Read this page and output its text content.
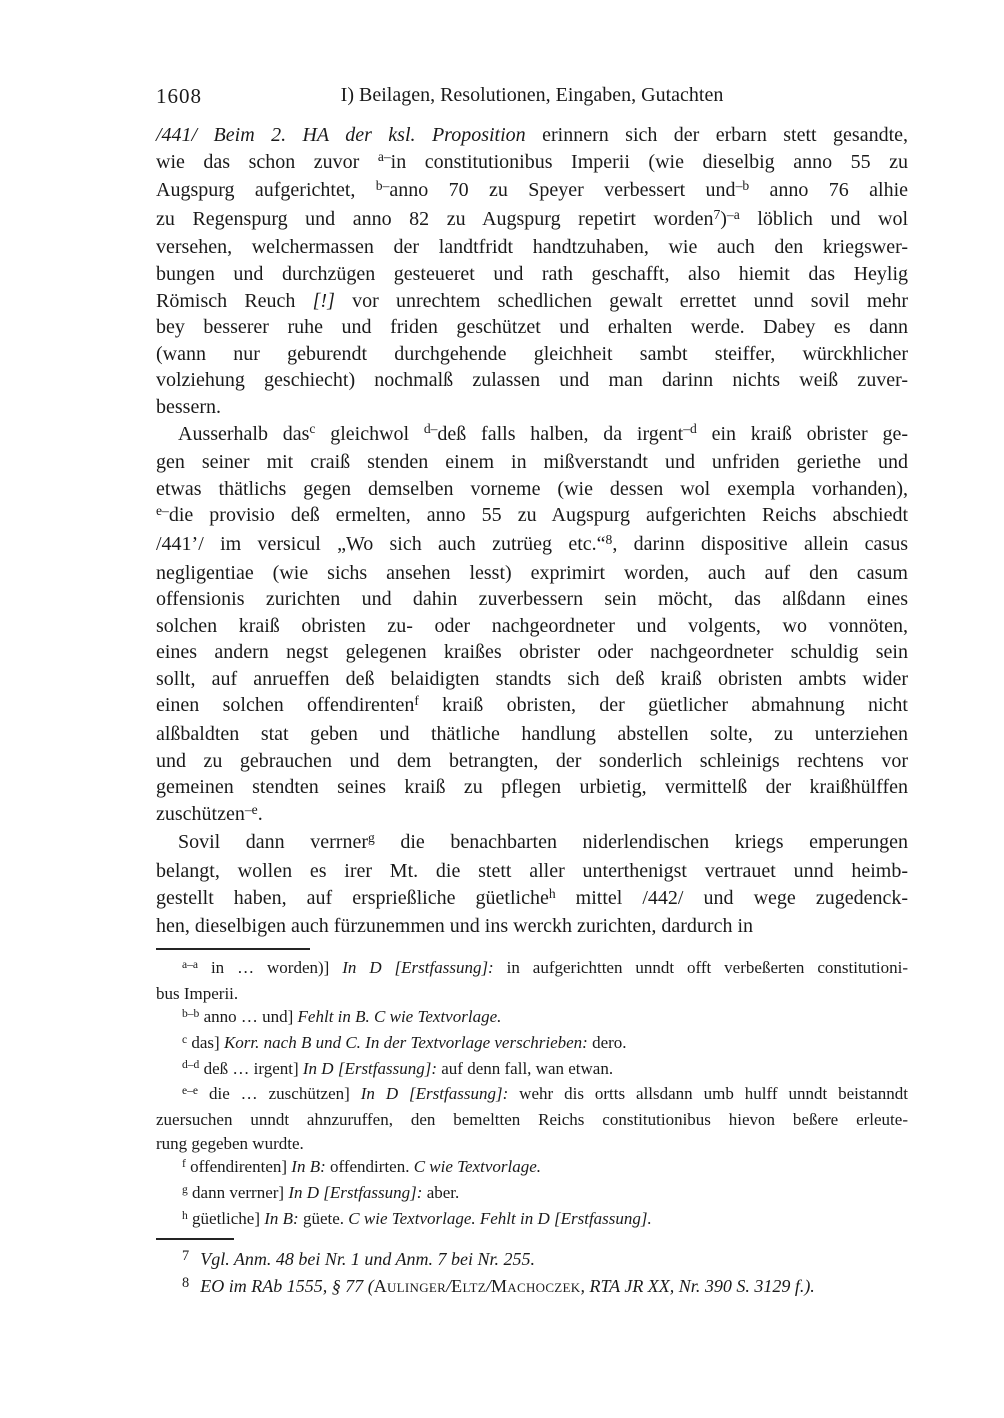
1608	I) Beilagen, Resolutionen, Eingaben, Gutachten
/441/ Beim 2. HA der ksl. Proposition erinnern sich der erbarn stett gesandte,
wie das schon zuvor $^{a-}$in constitutionibus Imperii (wie dieselbig anno 55 zu
Augspurg aufgerichtet, $^{b-}$anno 70 zu Speyer verbessert und$^{-b}$ anno 76 alhie
zu Regenspurg und anno 82 zu Augspurg repetirt worden$^7$)$^{-a}$ löblich und wol
versehen, welchermassen der landtfridt handtzuhaben, wie auch den kriegswer-
bungen und durchzügen gesteueret und rath geschafft, also hiemit das Heylig
Römisch Reuch [!] vor unrechtem schedlichen gewalt errettet unnd sovil mehr
bey besserer ruhe und friden geschützet und erhalten werde. Dabey es dann
(wann nur geburendt durchgehende gleichheit sambt steiffer, würckhlicher
volziehung geschiecht) nochmalß zulassen und man darinn nichts weiß zuver-
bessern.
Ausserhalb das$^c$ gleichwol $^{d-}$deß falls halben, da irgent$^{-d}$ ein kraiß obrister ge-
gen seiner mit craiß stenden einem in mißverstandt und unfriden geriethe und
etwas thätlichs gegen demselben vorneme (wie dessen wol exempla vorhanden),
$^{e-}$die provisio deß ermelten, anno 55 zu Augspurg aufgerichten Reichs abschiedt
/441’/ im versicul „Wo sich auch zutrüeg etc.“$^8$, darinn dispositive allein casus
negligentiae (wie sichs ansehen lesst) exprimirt worden, auch auf den casum
offensionis zurichten und dahin zuverbessern sein möcht, das alßdann eines
solchen kraiß obristen zu- oder nachgeordneter und volgents, wo vonnöten,
eines andern negst gelegenen kraißes obrister oder nachgeordneter schuldig sein
sollt, auf anrueffen deß belaidigten standts sich deß kraiß obristen ambts wider
einen solchen offendirenten$^f$ kraiß obristen, der güetlicher abmahnung nicht
alßbaldten stat geben und thätliche handlung abstellen solte, zu unterziehen
und zu gebrauchen und dem betrangten, der sonderlich schleinigs rechtens vor
gemeinen stendten seines kraiß zu pflegen urbietig, vermittelß der kraißhülffen
zuschützen$^{-e}$.
Sovil dann verrner$^g$ die benachbarten niderlendischen kriegs emperungen
belangt, wollen es irer Mt. die stett aller unterthenigst vertrauet unnd heimb-
gestellt haben, auf ersprießliche güetliche$^h$ mittel /442/ und wege zugedenck-
hen, dieselbigen auch fürzunemmen und ins werckh zurichten, dardurch in
$^{a-a}$ in … worden)] In D [Erstfassung]: in aufgerichtten unndt offt verbeßerten constitutioni-
bus Imperii.
$^{b-b}$ anno … und] Fehlt in B. C wie Textvorlage.
$^c$ das] Korr. nach B und C. In der Textvorlage verschrieben: dero.
$^{d-d}$ deß … irgent] In D [Erstfassung]: auf denn fall, wan etwan.
$^{e-e}$ die … zuschützen] In D [Erstfassung]: wehr dis ortts allsdann umb hulff unndt beistanndt
zuersuchen unndt ahnzuruffen, den bemeltten Reichs constitutionibus hievon beßere erleute-
rung gegeben wurdte.
$^f$ offendirenten] In B: offendirten. C wie Textvorlage.
$^g$ dann verrner] In D [Erstfassung]: aber.
$^h$ güetliche] In B: güete. C wie Textvorlage. Fehlt in D [Erstfassung].
$^7$ Vgl. Anm. 48 bei Nr. 1 und Anm. 7 bei Nr. 255.
$^8$ EO im RAb 1555, § 77 (Aulinger/Eltz/Machoczek, RTA JR XX, Nr. 390 S. 3129 f.).
